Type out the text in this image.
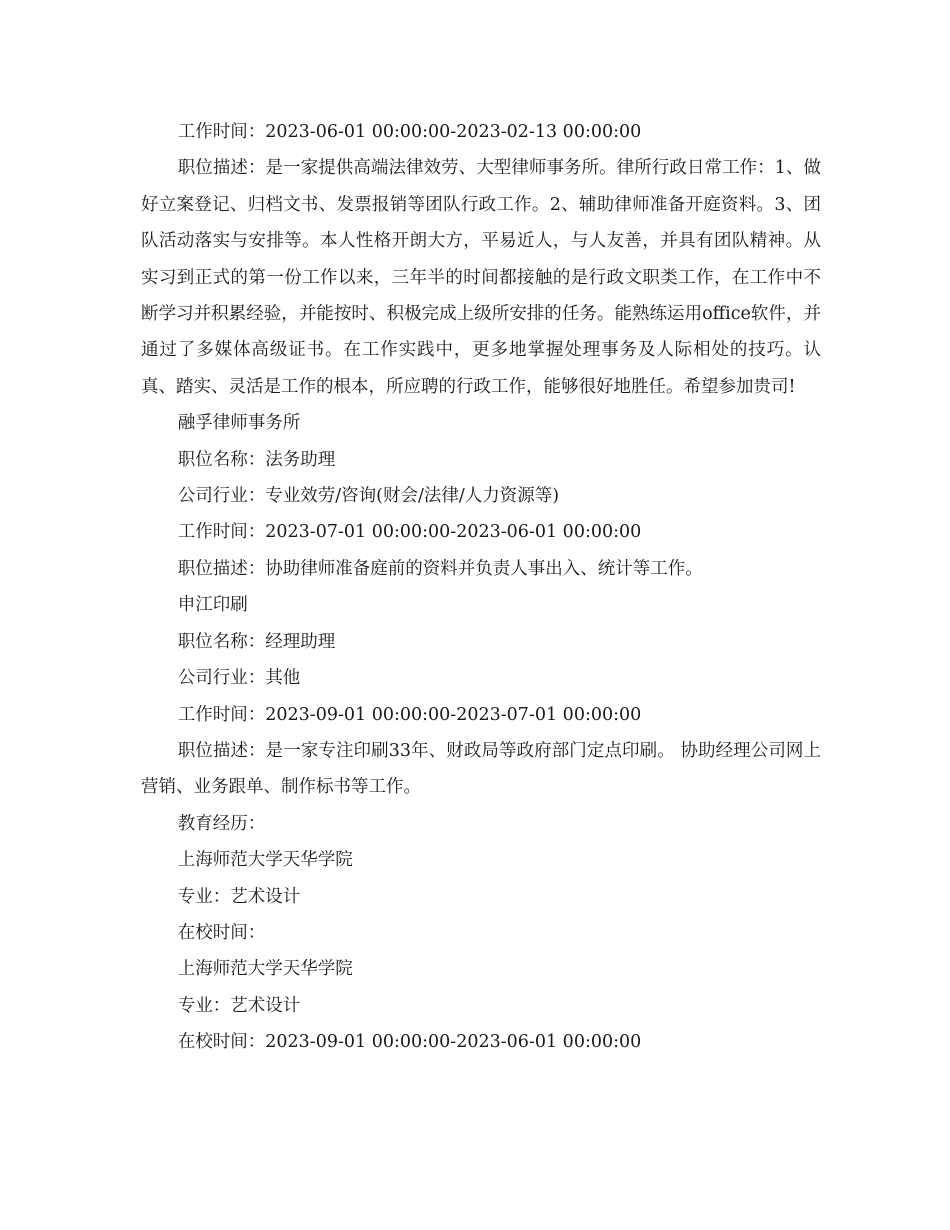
工作时间：2023-06-01 00:00:00-2023-02-13 00:00:00

职位描述：是一家提供高端法律效劳、大型律师事务所。律所行政日常工作：1、做好立案登记、归档文书、发票报销等团队行政工作。2、辅助律师准备开庭资料。3、团队活动落实与安排等。本人性格开朗大方，平易近人，与人友善，并具有团队精神。从实习到正式的第一份工作以来，三年半的时间都接触的是行政文职类工作，在工作中不断学习并积累经验，并能按时、积极完成上级所安排的任务。能熟练运用office软件，并通过了多媒体高级证书。在工作实践中，更多地掌握处理事务及人际相处的技巧。认真、踏实、灵活是工作的根本，所应聘的行政工作，能够很好地胜任。希望参加贵司!

融孚律师事务所

职位名称：法务助理

公司行业：专业效劳/咨询(财会/法律/人力资源等)

工作时间：2023-07-01 00:00:00-2023-06-01 00:00:00

职位描述：协助律师准备庭前的资料并负责人事出入、统计等工作。

申江印刷

职位名称：经理助理

公司行业：其他

工作时间：2023-09-01 00:00:00-2023-07-01 00:00:00

职位描述：是一家专注印刷33年、财政局等政府部门定点印刷。 协助经理公司网上营销、业务跟单、制作标书等工作。

教育经历：

上海师范大学天华学院

专业：艺术设计

在校时间：

上海师范大学天华学院

专业：艺术设计

在校时间：2023-09-01 00:00:00-2023-06-01 00:00:00
